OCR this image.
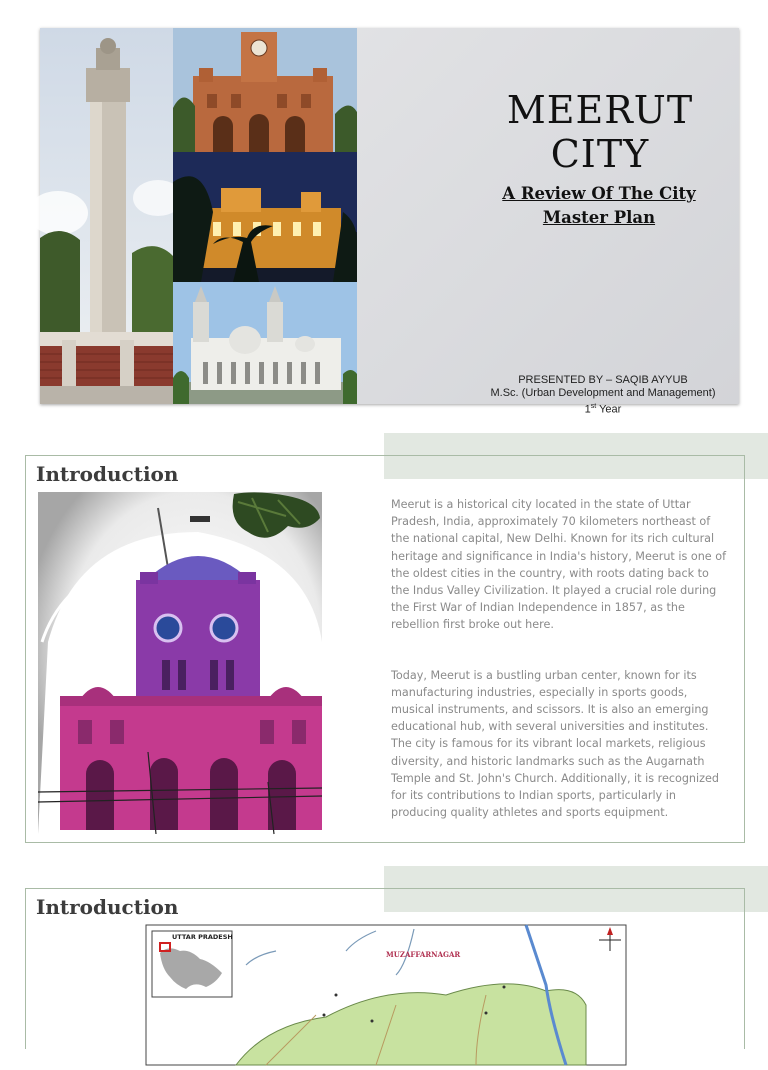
MEERUT
CITY
A Review Of The City
Master Plan
PRESENTED BY – SAQIB AYYUB
M.Sc. (Urban Development and Management)
1st Year
Introduction

Meerut is a historical city located in the state of Uttar Pradesh, India, approximately 70 kilometers northeast of the national capital, New Delhi. Known for its rich cultural heritage and significance in India's history, Meerut is one of the oldest cities in the country, with roots dating back to the Indus Valley Civilization. It played a crucial role during the First War of Indian Independence in 1857, as the rebellion first broke out here.

Today, Meerut is a bustling urban center, known for its manufacturing industries, especially in sports goods, musical instruments, and scissors. It is also an emerging educational hub, with several universities and institutes. The city is famous for its vibrant local markets, religious diversity, and historic landmarks such as the Augarnath Temple and St. John's Church. Additionally, it is recognized for its contributions to Indian sports, particularly in producing quality athletes and sports equipment.

Introduction
UTTAR PRADESH
MUZAFFARNAGAR
